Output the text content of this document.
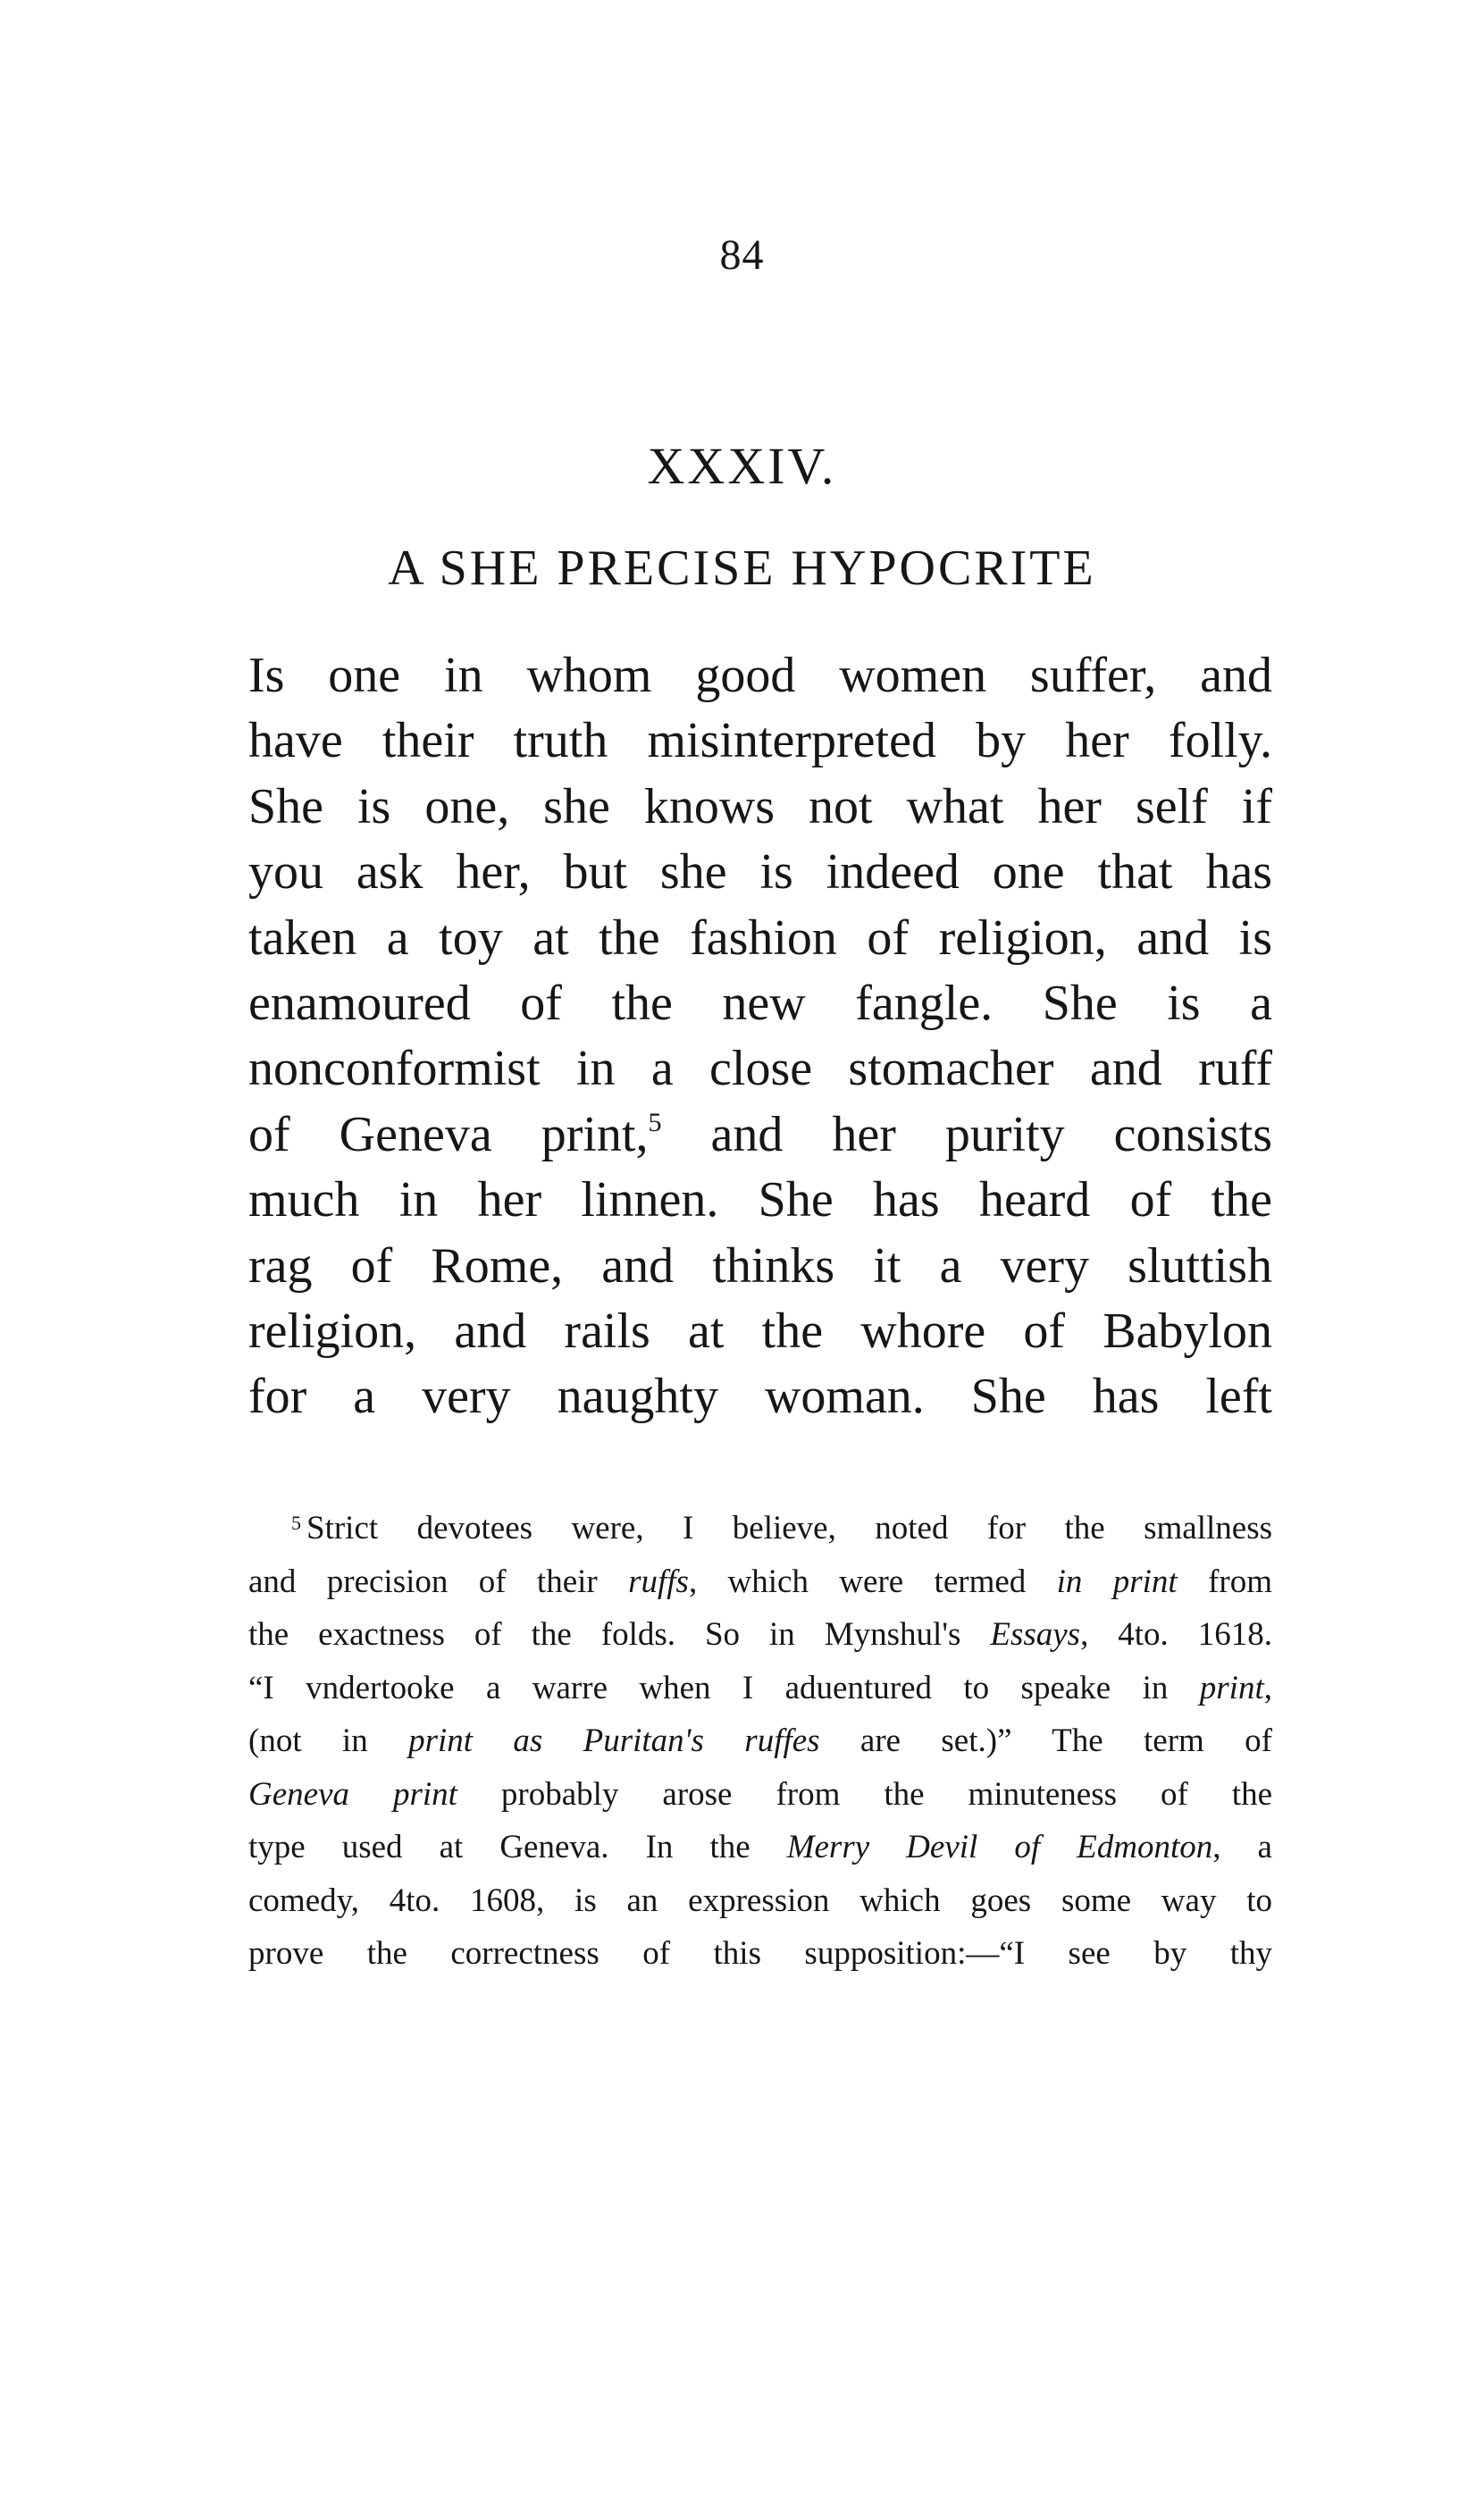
84
XXXIV.
A SHE PRECISE HYPOCRITE
Is one in whom good women suffer, and
have their truth misinterpreted by her folly.
She is one, she knows not what her self if
you ask her, but she is indeed one that has
taken a toy at the fashion of religion, and is
enamoured of the new fangle. She is a
nonconformist in a close stomacher and ruff
of Geneva print,$^5$ and her purity consists
much in her linnen. She has heard of the
rag of Rome, and thinks it a very sluttish
religion, and rails at the whore of Babylon
for a very naughty woman. She has left
$^5$ Strict devotees were, I believe, noted for the smallness
and precision of their ruffs, which were termed in print from
the exactness of the folds. So in Mynshul's Essays, 4to. 1618.
“I vndertooke a warre when I aduentured to speake in print,
(not in print as Puritan's ruffes are set.)” The term of
Geneva print probably arose from the minuteness of the
type used at Geneva. In the Merry Devil of Edmonton, a
comedy, 4to. 1608, is an expression which goes some way to
prove the correctness of this supposition:—“I see by thy
